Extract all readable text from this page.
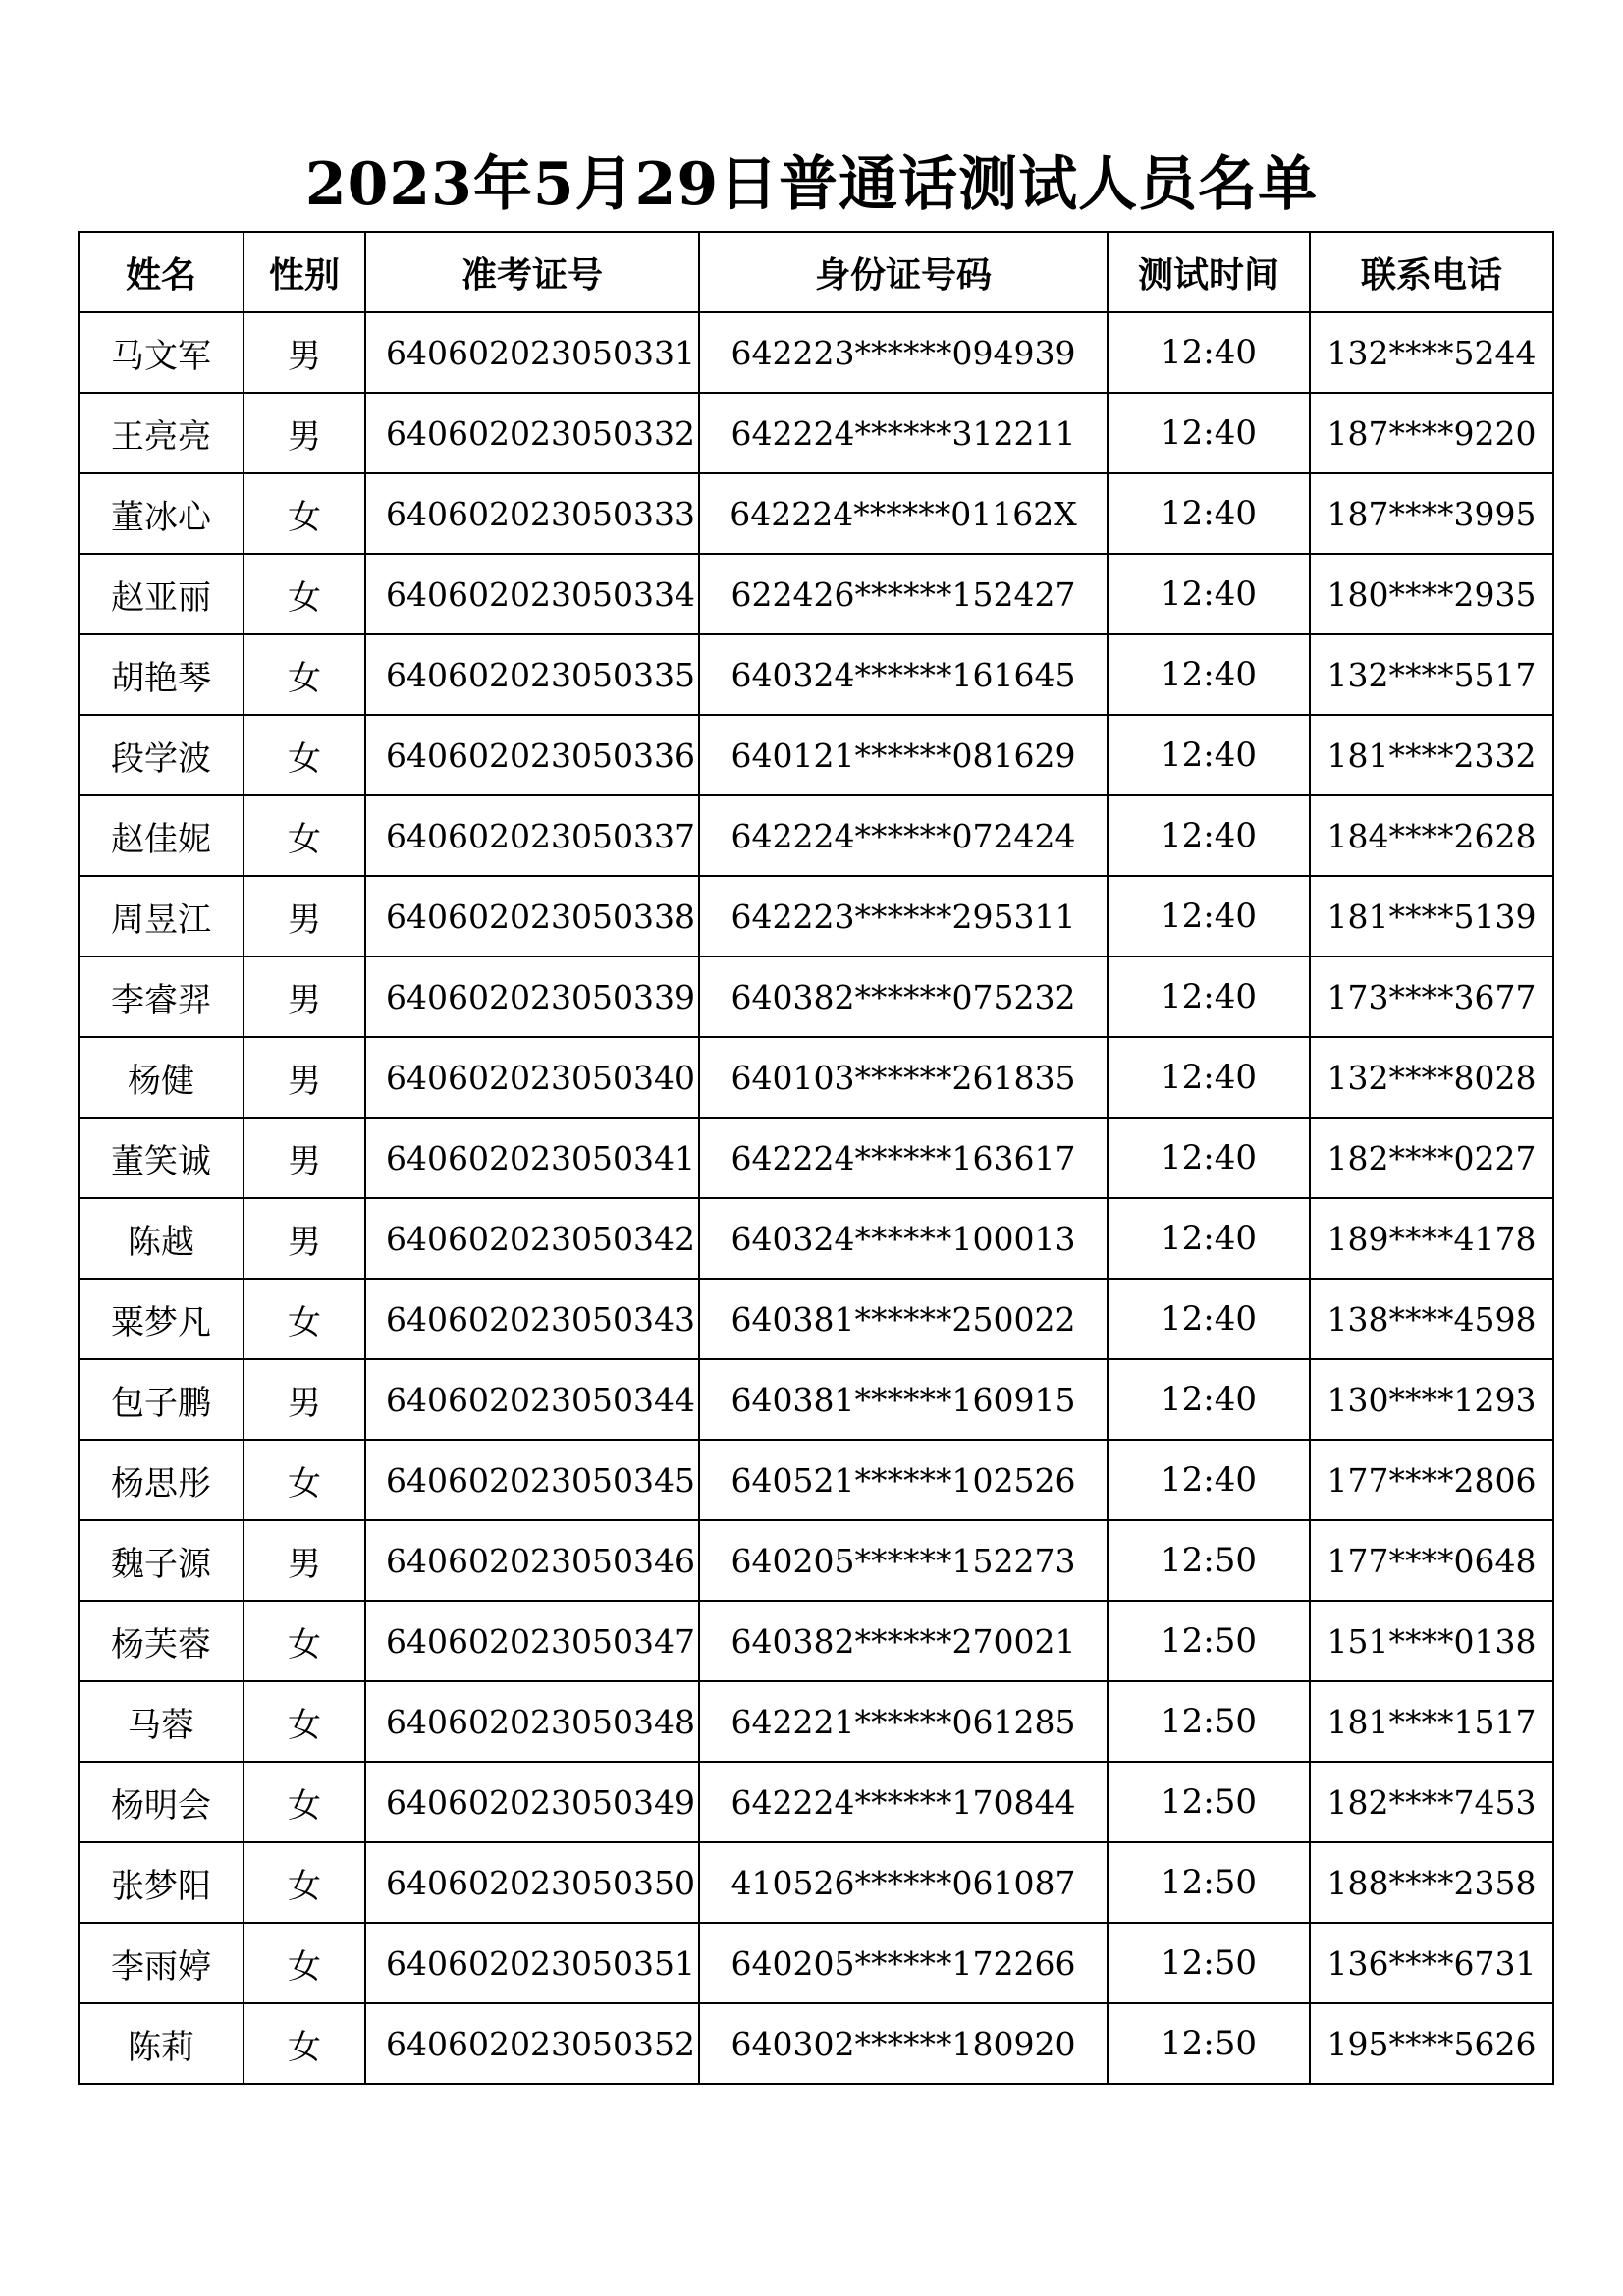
2023年5月29日普通话测试人员名单
姓名	性别	准考证号	身份证号码	测试时间	联系电话
马文军	男	640602023050331	642223******094939	12:40	132****5244
王亮亮	男	640602023050332	642224******312211	12:40	187****9220
董冰心	女	640602023050333	642224******01162X	12:40	187****3995
赵亚丽	女	640602023050334	622426******152427	12:40	180****2935
胡艳琴	女	640602023050335	640324******161645	12:40	132****5517
段学波	女	640602023050336	640121******081629	12:40	181****2332
赵佳妮	女	640602023050337	642224******072424	12:40	184****2628
周昱江	男	640602023050338	642223******295311	12:40	181****5139
李睿羿	男	640602023050339	640382******075232	12:40	173****3677
杨健	男	640602023050340	640103******261835	12:40	132****8028
董笑诚	男	640602023050341	642224******163617	12:40	182****0227
陈越	男	640602023050342	640324******100013	12:40	189****4178
粟梦凡	女	640602023050343	640381******250022	12:40	138****4598
包子鹏	男	640602023050344	640381******160915	12:40	130****1293
杨思彤	女	640602023050345	640521******102526	12:40	177****2806
魏子源	男	640602023050346	640205******152273	12:50	177****0648
杨芙蓉	女	640602023050347	640382******270021	12:50	151****0138
马蓉	女	640602023050348	642221******061285	12:50	181****1517
杨明会	女	640602023050349	642224******170844	12:50	182****7453
张梦阳	女	640602023050350	410526******061087	12:50	188****2358
李雨婷	女	640602023050351	640205******172266	12:50	136****6731
陈莉	女	640602023050352	640302******180920	12:50	195****5626
